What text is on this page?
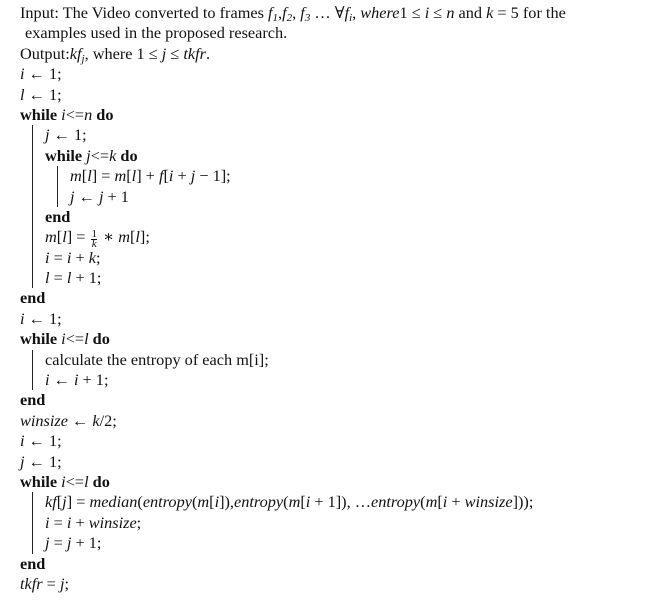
Input: The Video converted to frames $f_1,f_2$, $f_3$ … $\forall f_i$, where1 ≤ i ≤ n and k = 5 for the
examples used in the proposed research.
$Output:kf_j$, where 1 ≤ j ≤ tkfr.
i ← 1;
l ← 1;
while i<=n do
j ← 1;
while j<=k do
m[l] = m[l] + f[i + j − 1];
j ← j + 1
end
$m[l] = \frac{1}{k}$ ∗ m[l];
i = i + k;
l = l + 1;
end
i ← 1;
while i<=l do
calculate the entropy of each m[i];
i ← i + 1;
end
winsize ← k/2;
i ← 1;
j ← 1;
while i<=l do
kf[j] = median(entropy(m[i]),entropy(m[i + 1]), …entropy(m[i + winsize]));
i = i + winsize;
j = j + 1;
end
tkfr = j;
